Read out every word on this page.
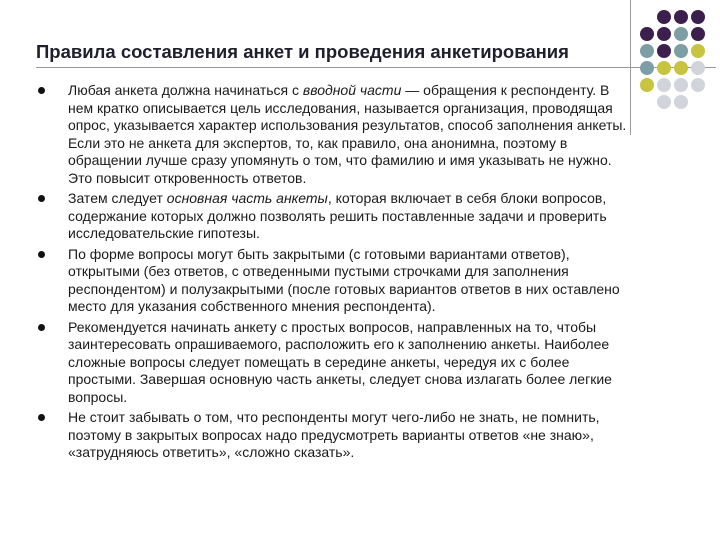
Правила составления анкет и проведения анкетирования
Любая анкета должна начинаться с вводной части — обращения к респонденту. В нем кратко описывается цель исследования, называется организация, проводящая опрос, указывается характер использования результатов, способ заполнения анкеты. Если это не анкета для экспертов, то, как правило, она анонимна, поэтому в обращении лучше сразу упомянуть о том, что фамилию и имя указывать не нужно. Это повысит откровенность ответов.
Затем следует основная часть анкеты, которая включает в себя блоки вопросов, содержание которых должно позволять решить поставленные задачи и проверить исследовательские гипотезы.
По форме вопросы могут быть закрытыми (с готовыми вариантами ответов), открытыми (без ответов, с отведенными пустыми строчками для заполнения респондентом) и полузакрытыми (после готовых вариантов ответов в них оставлено место для указания собственного мнения респондента).
Рекомендуется начинать анкету с простых вопросов, направленных на то, чтобы заинтересовать опрашиваемого, расположить его к заполнению анкеты. Наиболее сложные вопросы следует помещать в середине анкеты, чередуя их с более простыми. Завершая основную часть анкеты, следует снова излагать более легкие вопросы.
Не стоит забывать о том, что респонденты могут чего-либо не знать, не помнить, поэтому в закрытых вопросах надо предусмотреть варианты ответов «не знаю», «затрудняюсь ответить», «сложно сказать».
